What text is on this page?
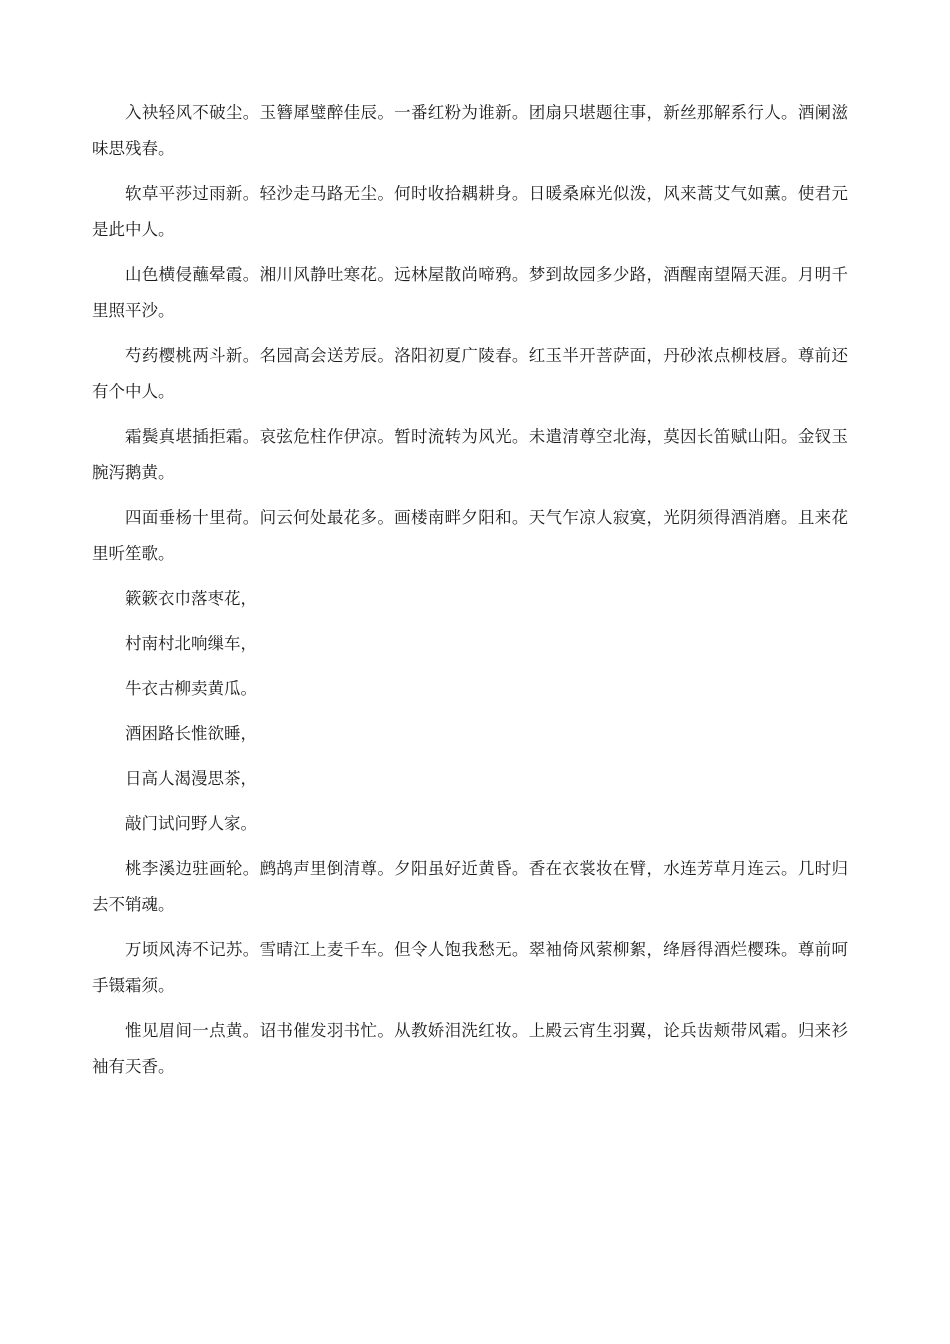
入袂轻风不破尘。玉簪犀璧醉佳辰。一番红粉为谁新。团扇只堪题往事，新丝那解系行人。酒阑滋味思残春。

软草平莎过雨新。轻沙走马路无尘。何时收拾耦耕身。日暖桑麻光似泼，风来蒿艾气如薰。使君元是此中人。

山色横侵蘸晕霞。湘川风静吐寒花。远林屋散尚啼鸦。梦到故园多少路，酒醒南望隔天涯。月明千里照平沙。

芍药樱桃两斗新。名园高会送芳辰。洛阳初夏广陵春。红玉半开菩萨面，丹砂浓点柳枝唇。尊前还有个中人。

霜鬓真堪插拒霜。哀弦危柱作伊凉。暂时流转为风光。未遣清尊空北海，莫因长笛赋山阳。金钗玉腕泻鹅黄。

四面垂杨十里荷。问云何处最花多。画楼南畔夕阳和。天气乍凉人寂寞，光阴须得酒消磨。且来花里听笙歌。

簌簌衣巾落枣花，

村南村北响缫车，

牛衣古柳卖黄瓜。

酒困路长惟欲睡，

日高人渴漫思茶，

敲门试问野人家。

桃李溪边驻画轮。鹧鸪声里倒清尊。夕阳虽好近黄昏。香在衣裳妆在臂，水连芳草月连云。几时归去不销魂。

万顷风涛不记苏。雪晴江上麦千车。但令人饱我愁无。翠袖倚风萦柳絮，绛唇得酒烂樱珠。尊前呵手镊霜须。

惟见眉间一点黄。诏书催发羽书忙。从教娇泪洗红妆。上殿云宵生羽翼，论兵齿颊带风霜。归来衫袖有天香。
